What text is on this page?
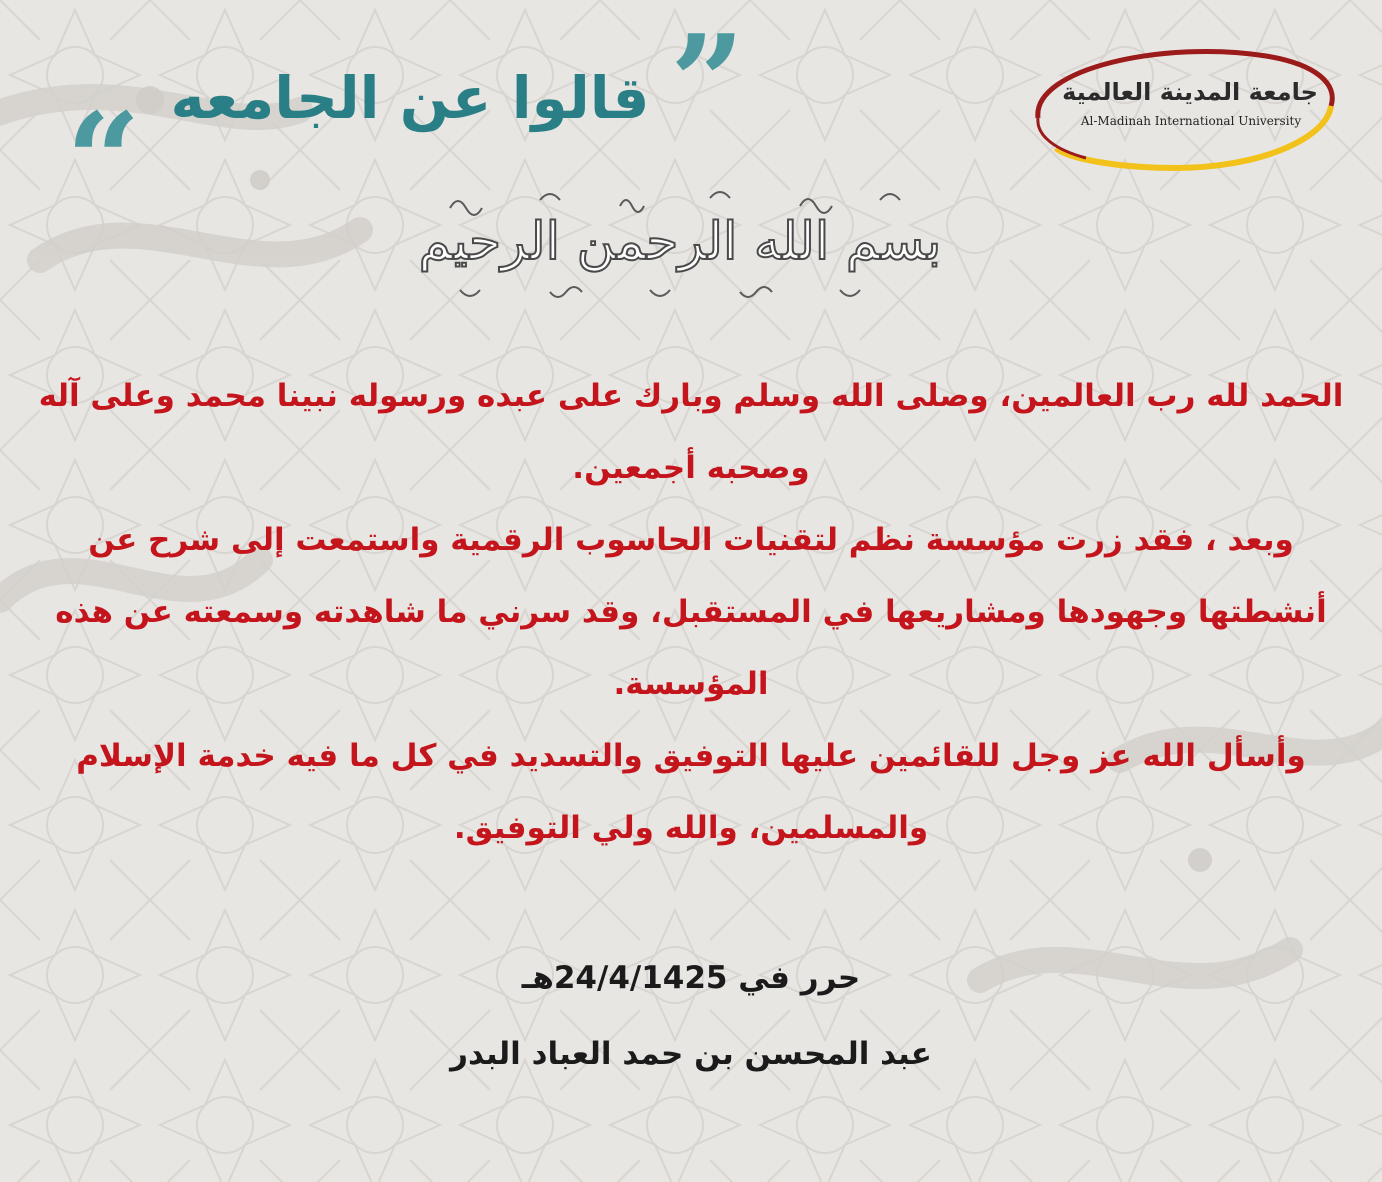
“ قالوا عن الجامعه ”	جامعة المدينة العالمية
Al-Madinah International University
بسم الله الرحمن الرحيم

الحمد لله رب العالمين، وصلى الله وسلم وبارك على عبده ورسوله نبينا محمد وعلى آله

وصحبه أجمعين.

وبعد ، فقد زرت مؤسسة نظم لتقنيات الحاسوب الرقمية واستمعت إلى شرح عن

أنشطتها وجهودها ومشاريعها في المستقبل، وقد سرني ما شاهدته وسمعته عن هذه

المؤسسة.

وأسأل الله عز وجل للقائمين عليها التوفيق والتسديد في كل ما فيه خدمة الإسلام

والمسلمين، والله ولي التوفيق.

حرر في 24/4/1425هـ
عبد المحسن بن حمد العباد البدر
